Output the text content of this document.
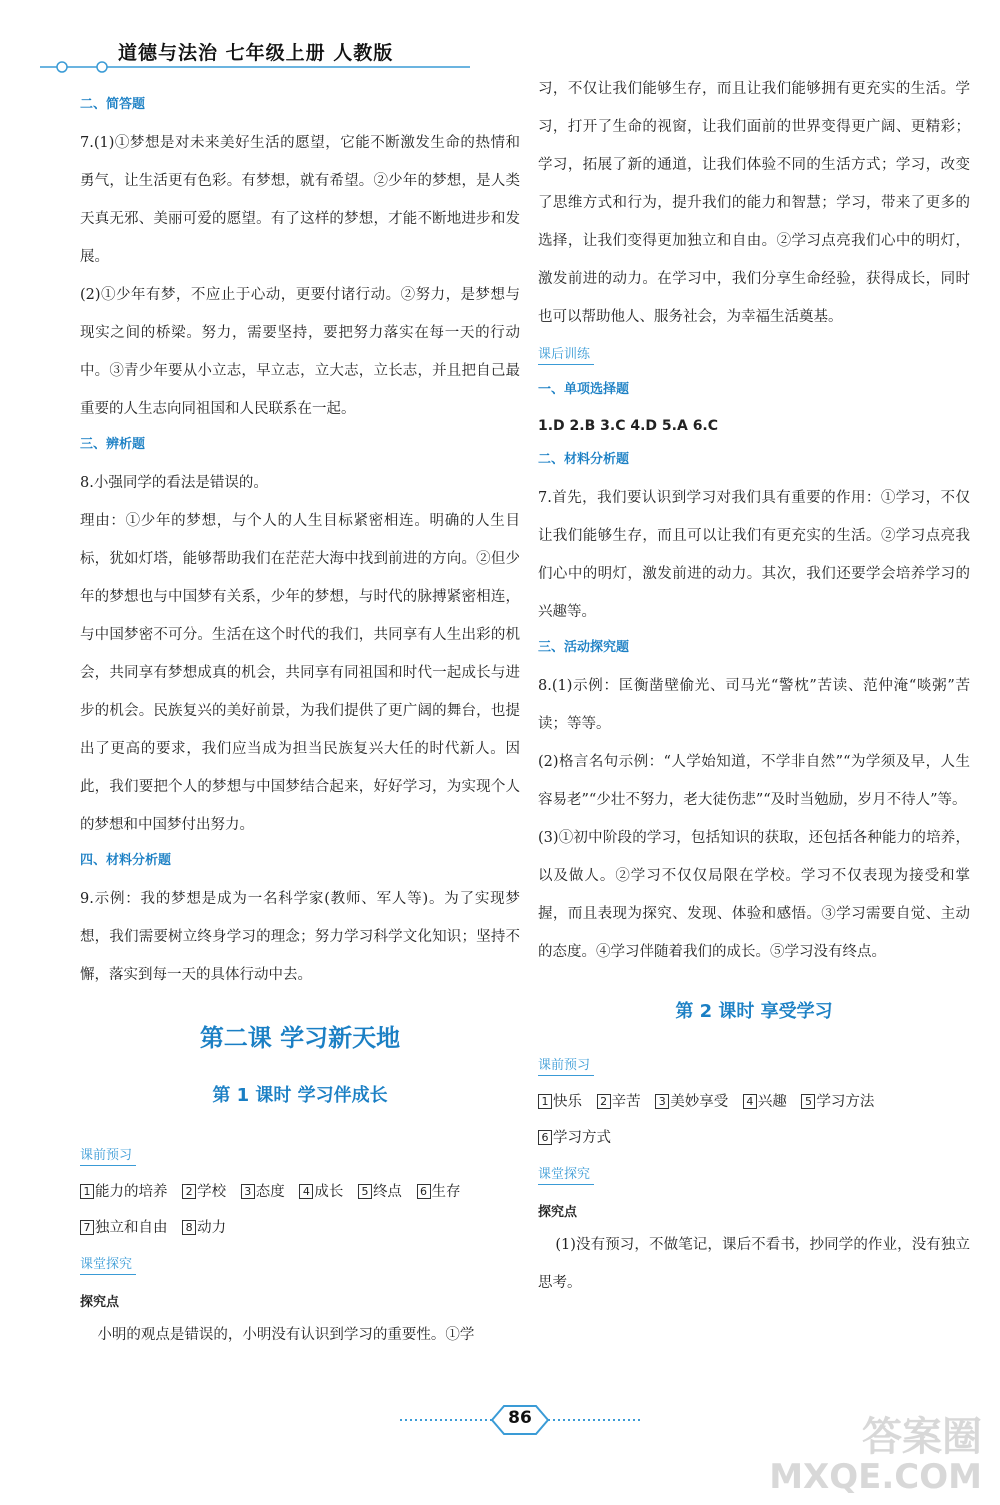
道德与法治 七年级上册 人教版
二、简答题

7.(1)①梦想是对未来美好生活的愿望，它能不断激发生命的热情和勇气，让生活更有色彩。有梦想，就有希望。②少年的梦想，是人类天真无邪、美丽可爱的愿望。有了这样的梦想，才能不断地进步和发展。

(2)①少年有梦，不应止于心动，更要付诸行动。②努力，是梦想与现实之间的桥梁。努力，需要坚持，要把努力落实在每一天的行动中。③青少年要从小立志，早立志，立大志，立长志，并且把自己最重要的人生志向同祖国和人民联系在一起。

三、辨析题

8.小强同学的看法是错误的。

理由：①少年的梦想，与个人的人生目标紧密相连。明确的人生目标，犹如灯塔，能够帮助我们在茫茫大海中找到前进的方向。②但少年的梦想也与中国梦有关系，少年的梦想，与时代的脉搏紧密相连，与中国梦密不可分。生活在这个时代的我们，共同享有人生出彩的机会，共同享有梦想成真的机会，共同享有同祖国和时代一起成长与进步的机会。民族复兴的美好前景，为我们提供了更广阔的舞台，也提出了更高的要求，我们应当成为担当民族复兴大任的时代新人。因此，我们要把个人的梦想与中国梦结合起来，好好学习，为实现个人的梦想和中国梦付出努力。

四、材料分析题

9.示例：我的梦想是成为一名科学家(教师、军人等)。为了实现梦想，我们需要树立终身学习的理念；努力学习科学文化知识；坚持不懈，落实到每一天的具体行动中去。

第二课 学习新天地
第 1 课时 学习伴成长
课前预习
1 能力的培养 2 学校 3 态度 4 成长 5 终点 6 生存
7 独立和自由 8 动力
课堂探究
探究点

小明的观点是错误的，小明没有认识到学习的重要性。①学

习，不仅让我们能够生存，而且让我们能够拥有更充实的生活。学习，打开了生命的视窗，让我们面前的世界变得更广阔、更精彩；学习，拓展了新的通道，让我们体验不同的生活方式；学习，改变了思维方式和行为，提升我们的能力和智慧；学习，带来了更多的选择，让我们变得更加独立和自由。②学习点亮我们心中的明灯，激发前进的动力。在学习中，我们分享生命经验，获得成长，同时也可以帮助他人、服务社会，为幸福生活奠基。

课后训练
一、单项选择题

1.D 2.B 3.C 4.D 5.A 6.C

二、材料分析题

7.首先，我们要认识到学习对我们具有重要的作用：①学习，不仅让我们能够生存，而且可以让我们有更充实的生活。②学习点亮我们心中的明灯，激发前进的动力。其次，我们还要学会培养学习的兴趣等。

三、活动探究题

8.(1)示例：匡衡凿壁偷光、司马光“警枕”苦读、范仲淹“啖粥”苦读；等等。

(2)格言名句示例：“人学始知道，不学非自然”“为学须及早，人生容易老”“少壮不努力，老大徒伤悲”“及时当勉励，岁月不待人”等。

(3)①初中阶段的学习，包括知识的获取，还包括各种能力的培养，以及做人。②学习不仅仅局限在学校。学习不仅表现为接受和掌握，而且表现为探究、发现、体验和感悟。③学习需要自觉、主动的态度。④学习伴随着我们的成长。⑤学习没有终点。

第 2 课时 享受学习
课前预习
1 快乐 2 辛苦 3 美妙享受 4 兴趣 5 学习方法
6 学习方式
课堂探究
探究点

(1)没有预习，不做笔记，课后不看书，抄同学的作业，没有独立思考。

86	答案圈
MXQE.COM
